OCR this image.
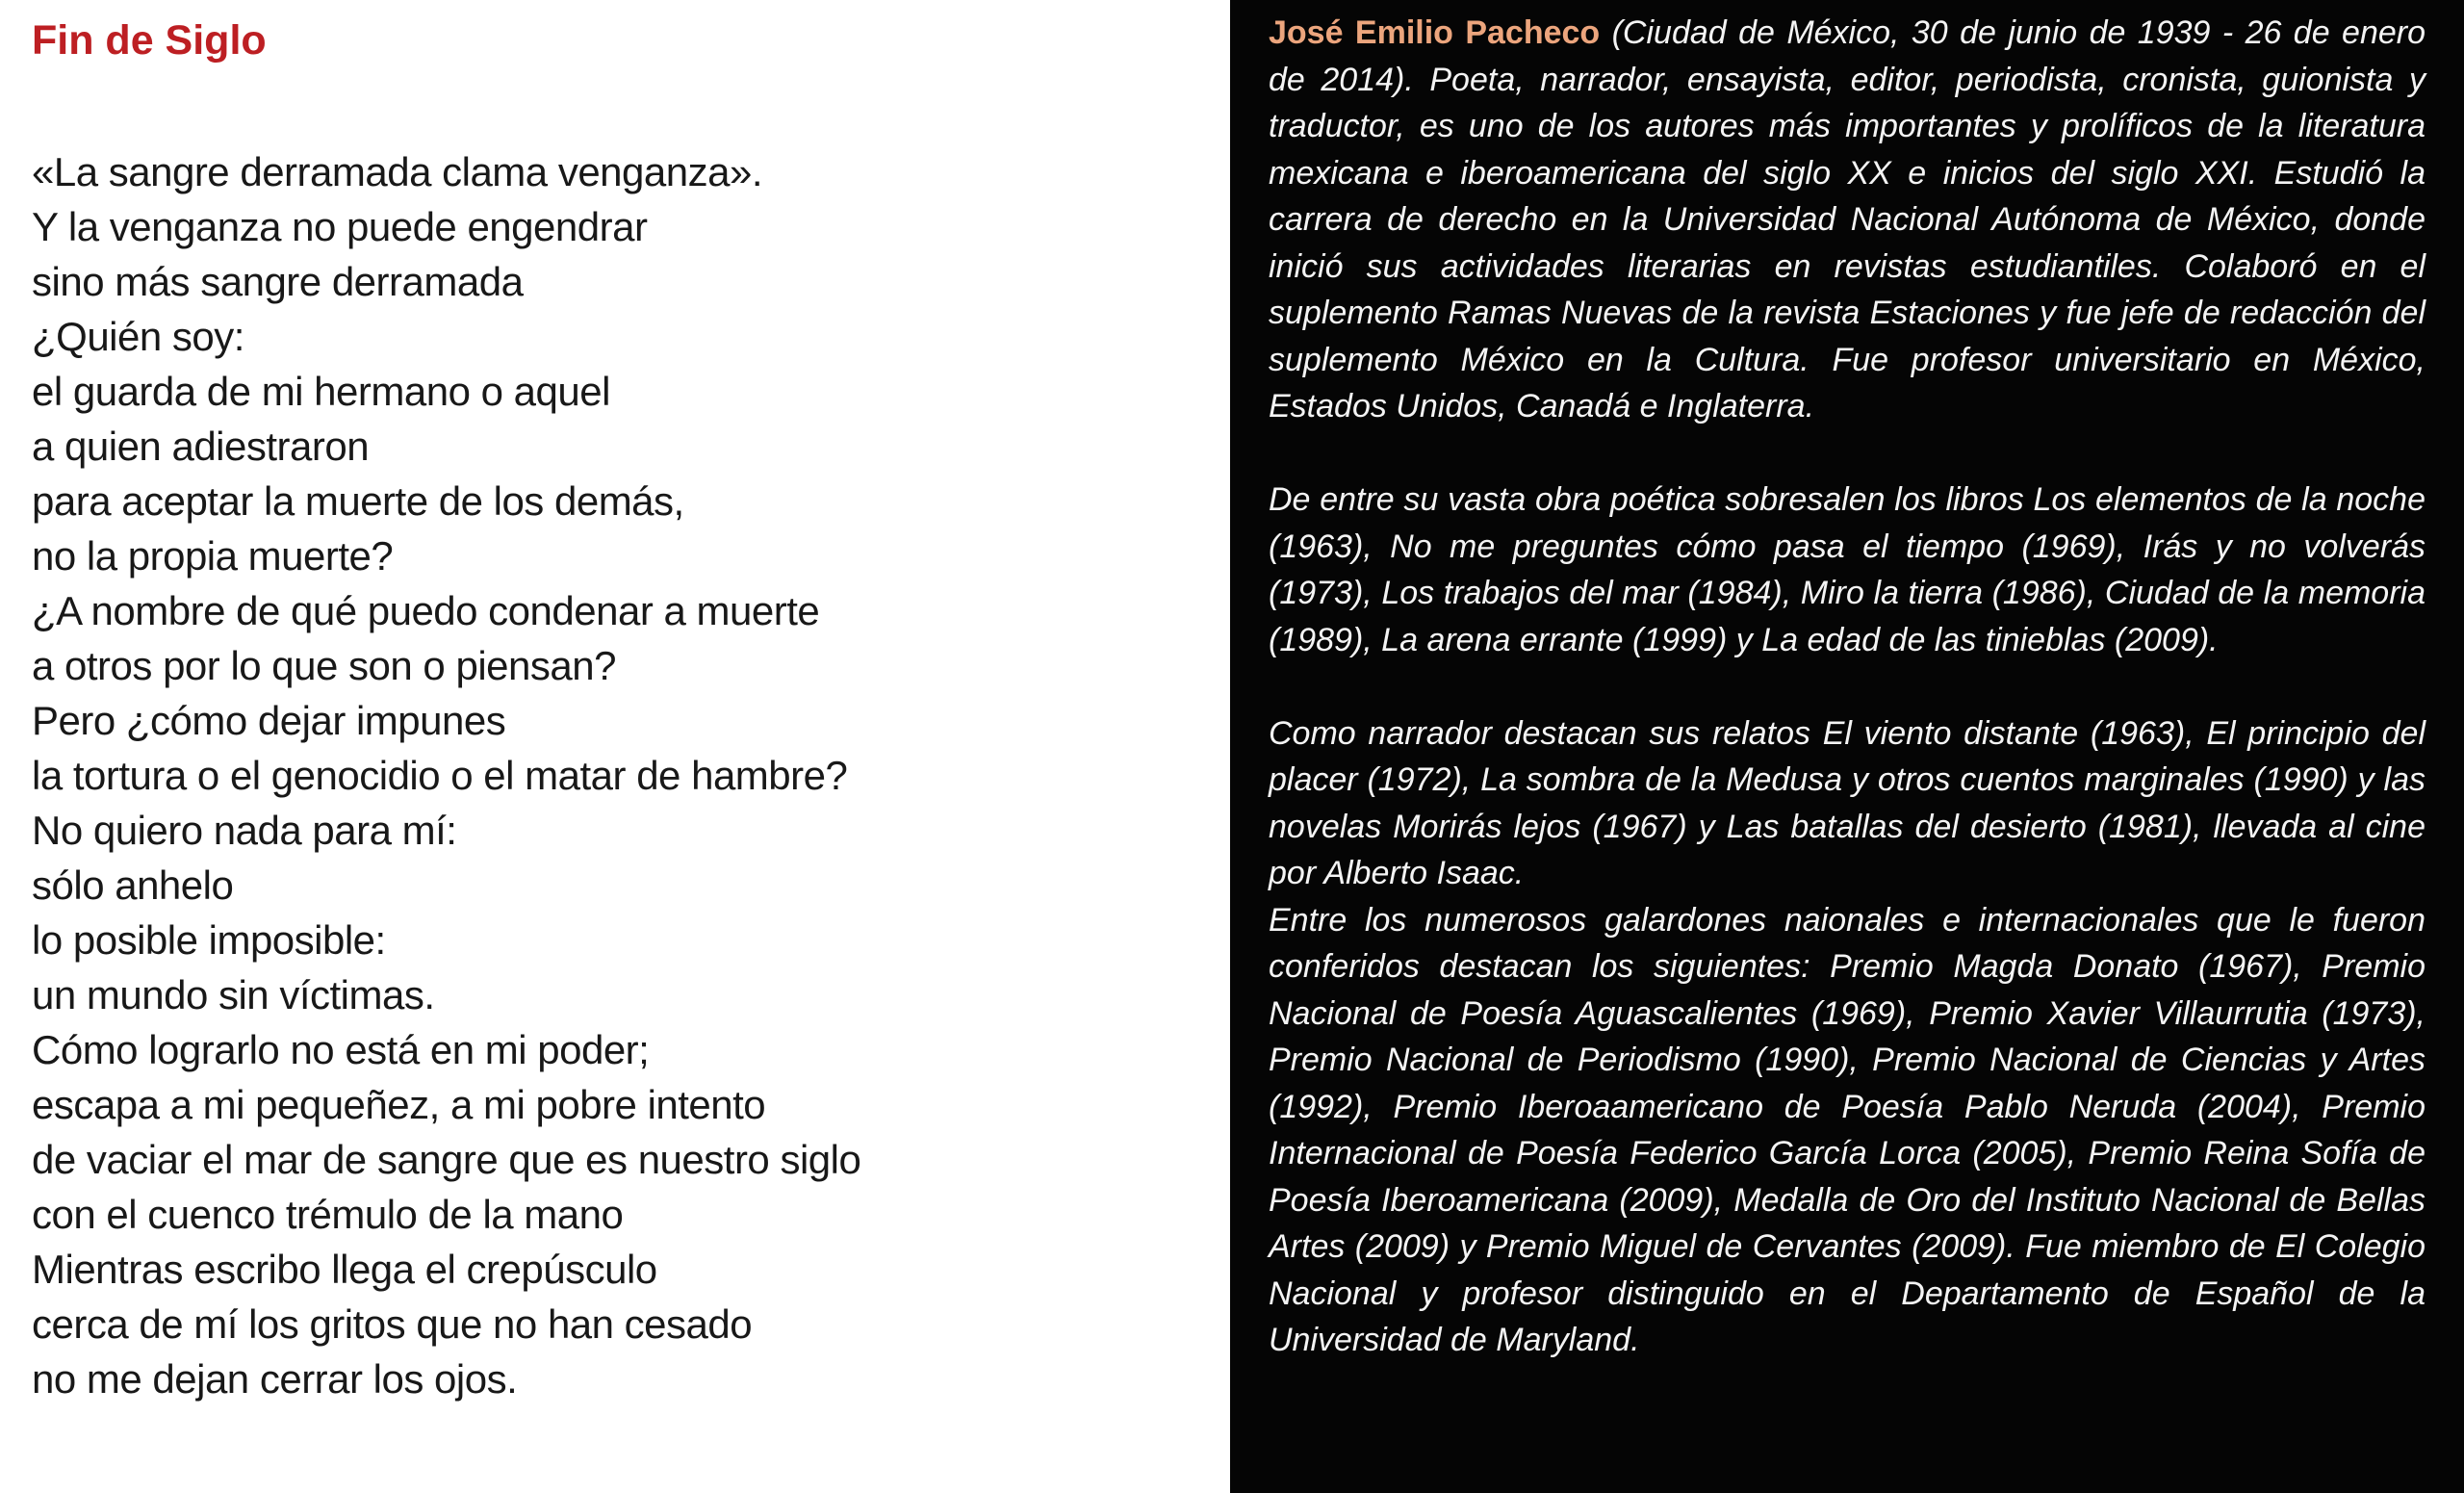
Fin de Siglo
«La sangre derramada clama venganza».
Y la venganza no puede engendrar
sino más sangre derramada
¿Quién soy:
el guarda de mi hermano o aquel
a quien adiestraron
para aceptar la muerte de los demás,
no la propia muerte?
¿A nombre de qué puedo condenar a muerte
a otros por lo que son o piensan?
Pero ¿cómo dejar impunes
la tortura o el genocidio o el matar de hambre?
No quiero nada para mí:
sólo anhelo
lo posible imposible:
un mundo sin víctimas.
Cómo lograrlo no está en mi poder;
escapa a mi pequeñez, a mi pobre intento
de vaciar el mar de sangre que es nuestro siglo
con el cuenco trémulo de la mano
Mientras escribo llega el crepúsculo
cerca de mí los gritos que no han cesado
no me dejan cerrar los ojos.

José Emilio Pacheco (Ciudad de México, 30 de junio de 1939 - 26 de enero de 2014). Poeta, narrador, ensayista, editor, periodista, cronista, guionista y traductor, es uno de los autores más importantes y prolíficos de la literatura mexicana e iberoamericana del siglo XX e inicios del siglo XXI. Estudió la carrera de derecho en la Universidad Nacional Autónoma de México, donde inició sus actividades literarias en revistas estudiantiles. Colaboró en el suplemento Ramas Nuevas de la revista Estaciones y fue jefe de redacción del suplemento México en la Cultura. Fue profesor universitario en México, Estados Unidos, Canadá e Inglaterra.

De entre su vasta obra poética sobresalen los libros Los elementos de la noche (1963), No me preguntes cómo pasa el tiempo (1969), Irás y no volverás (1973), Los trabajos del mar (1984), Miro la tierra (1986), Ciudad de la memoria (1989), La arena errante (1999) y La edad de las tinieblas (2009).

Como narrador destacan sus relatos El viento distante (1963), El principio del placer (1972), La sombra de la Medusa y otros cuentos marginales (1990) y las novelas Morirás lejos (1967) y Las batallas del desierto (1981), llevada al cine por Alberto Isaac.

Entre los numerosos galardones naionales e internacionales que le fueron conferidos destacan los siguientes: Premio Magda Donato (1967), Premio Nacional de Poesía Aguascalientes (1969), Premio Xavier Villaurrutia (1973), Premio Nacional de Periodismo (1990), Premio Nacional de Ciencias y Artes (1992), Premio Iberoaamericano de Poesía Pablo Neruda (2004), Premio Internacional de Poesía Federico García Lorca (2005), Premio Reina Sofía de Poesía Iberoamericana (2009), Medalla de Oro del Instituto Nacional de Bellas Artes (2009) y Premio Miguel de Cervantes (2009). Fue miembro de El Colegio Nacional y profesor distinguido en el Departamento de Español de la Universidad de Maryland.
